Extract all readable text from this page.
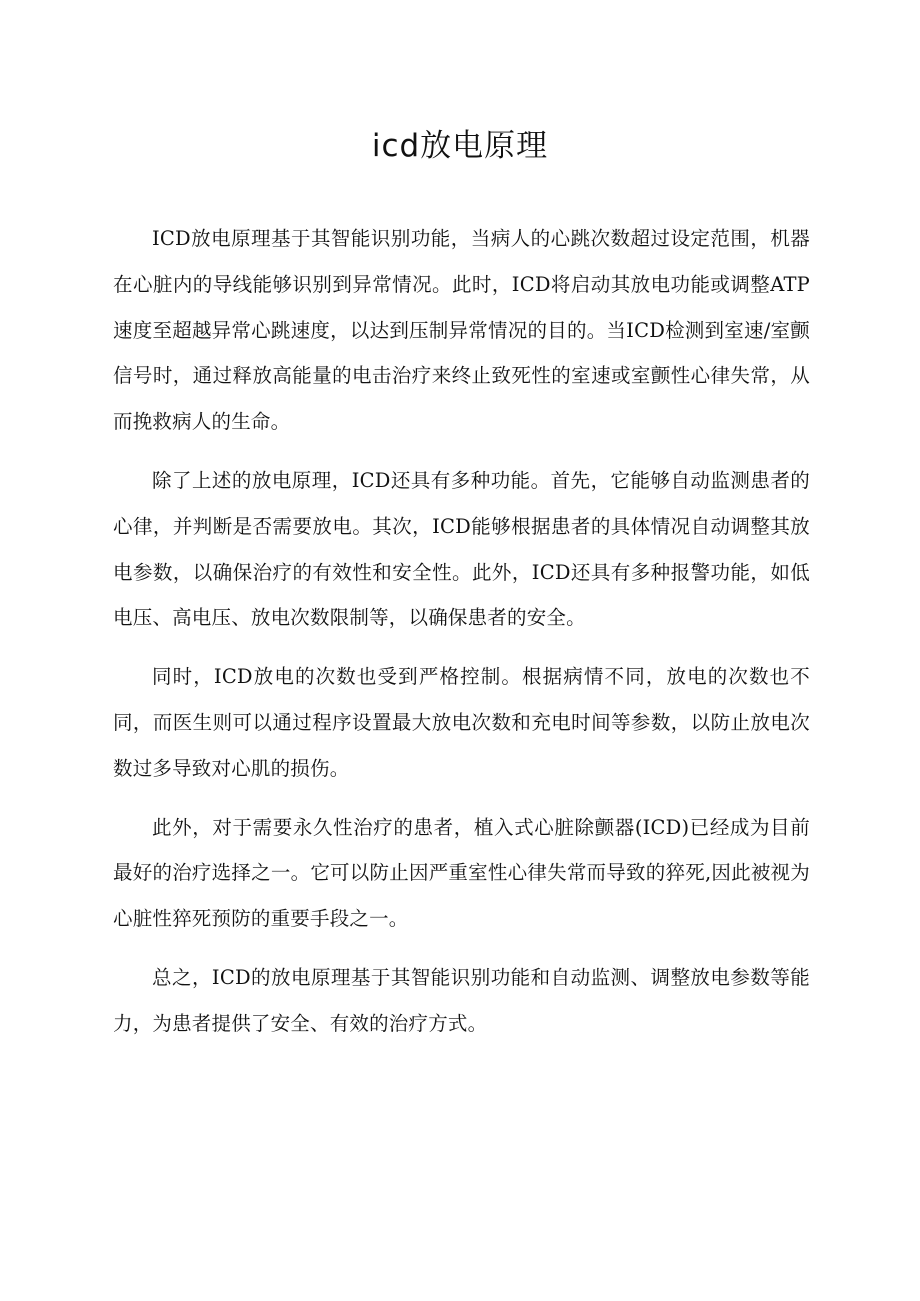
icd放电原理

ICD放电原理基于其智能识别功能，当病人的心跳次数超过设定范围，机器在心脏内的导线能够识别到异常情况。此时，ICD将启动其放电功能或调整ATP速度至超越异常心跳速度，以达到压制异常情况的目的。当ICD检测到室速/室颤信号时，通过释放高能量的电击治疗来终止致死性的室速或室颤性心律失常，从而挽救病人的生命。

除了上述的放电原理，ICD还具有多种功能。首先，它能够自动监测患者的心律，并判断是否需要放电。其次，ICD能够根据患者的具体情况自动调整其放电参数，以确保治疗的有效性和安全性。此外，ICD还具有多种报警功能，如低电压、高电压、放电次数限制等，以确保患者的安全。

同时，ICD放电的次数也受到严格控制。根据病情不同，放电的次数也不同，而医生则可以通过程序设置最大放电次数和充电时间等参数，以防止放电次数过多导致对心肌的损伤。

此外，对于需要永久性治疗的患者，植入式心脏除颤器(ICD)已经成为目前最好的治疗选择之一。它可以防止因严重室性心律失常而导致的猝死,因此被视为心脏性猝死预防的重要手段之一。

总之，ICD的放电原理基于其智能识别功能和自动监测、调整放电参数等能力，为患者提供了安全、有效的治疗方式。
